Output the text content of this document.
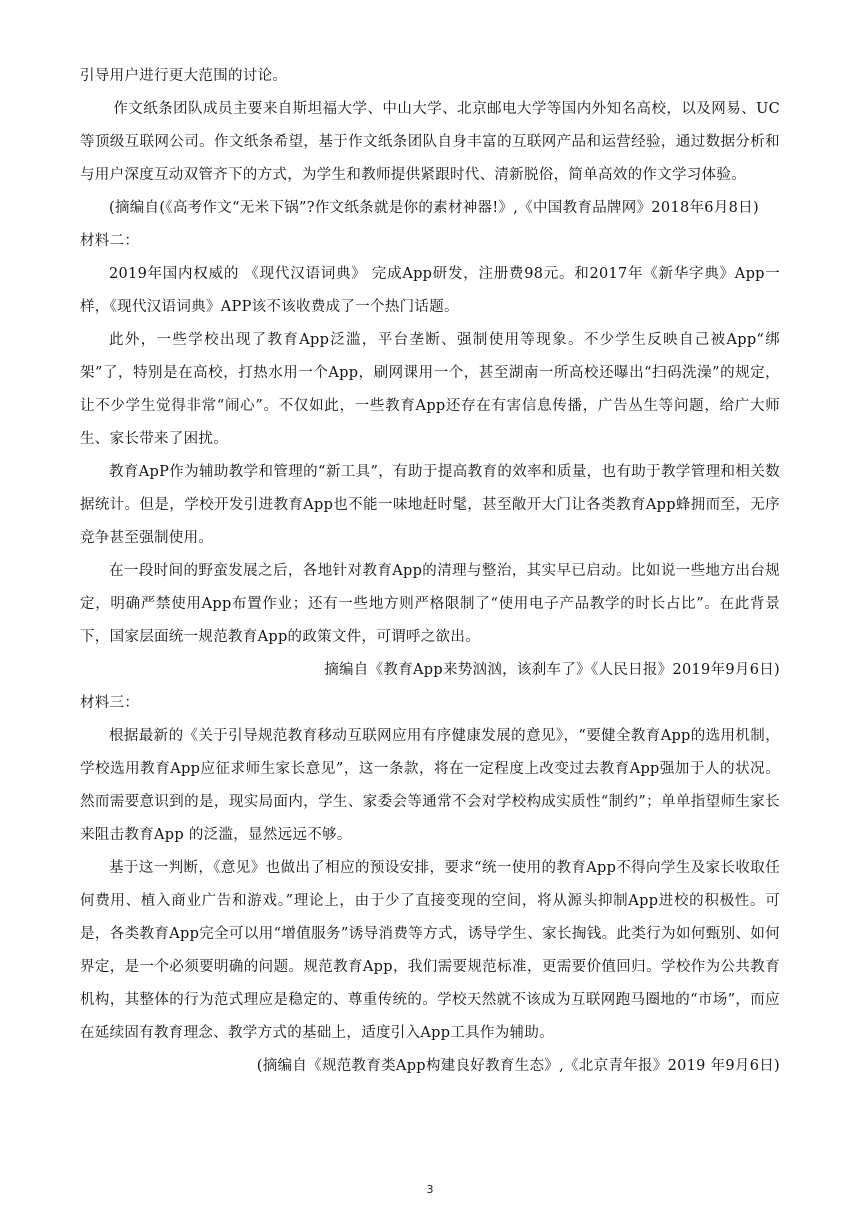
引导用户进行更大范围的讨论。

作文纸条团队成员主要来自斯坦福大学、中山大学、北京邮电大学等国内外知名高校，以及网易、UC等顶级互联网公司。作文纸条希望，基于作文纸条团队自身丰富的互联网产品和运营经验，通过数据分析和与用户深度互动双管齐下的方式，为学生和教师提供紧跟时代、清新脱俗，简单高效的作文学习体验。

(摘编自(《高考作文“无米下锅”?作文纸条就是你的素材神器!》,《中国教育品牌网》2018年6月8日)

材料二：

2019年国内权威的 《现代汉语词典》 完成App研发，注册费98元。和2017年《新华字典》App一样，《现代汉语词典》APP该不该收费成了一个热门话题。

此外，一些学校出现了教育App泛滥，平台垄断、强制使用等现象。不少学生反映自己被App“绑架”了，特别是在高校，打热水用一个App，刷网课用一个，甚至湖南一所高校还曝出“扫码洗澡”的规定，让不少学生觉得非常“闹心”。不仅如此，一些教育App还存在有害信息传播，广告丛生等问题，给广大师生、家长带来了困扰。

教育ApP作为辅助教学和管理的“新工具”，有助于提高教育的效率和质量，也有助于教学管理和相关数据统计。但是，学校开发引进教育App也不能一味地赶时髦，甚至敞开大门让各类教育App蜂拥而至，无序竞争甚至强制使用。

在一段时间的野蛮发展之后，各地针对教育App的清理与整治，其实早已启动。比如说一些地方出台规定，明确严禁使用App布置作业；还有一些地方则严格限制了“使用电子产品教学的时长占比”。在此背景下，国家层面统一规范教育App的政策文件，可谓呼之欲出。

摘编自《教育App来势汹汹，该刹车了》《人民日报》2019年9月6日)

材料三：

根据最新的《关于引导规范教育移动互联网应用有序健康发展的意见》，“要健全教育App的选用机制，学校选用教育App应征求师生家长意见”，这一条款，将在一定程度上改变过去教育App强加于人的状况。然而需要意识到的是，现实局面内，学生、家委会等通常不会对学校构成实质性“制约”；单单指望师生家长来阻击教育App 的泛滥，显然远远不够。

基于这一判断，《意见》也做出了相应的预设安排，要求“统一使用的教育App不得向学生及家长收取任何费用、植入商业广告和游戏。”理论上，由于少了直接变现的空间，将从源头抑制App进校的积极性。可是，各类教育App完全可以用“增值服务”诱导消费等方式，诱导学生、家长掏钱。此类行为如何甄别、如何界定，是一个必须要明确的问题。规范教育App，我们需要规范标准，更需要价值回归。学校作为公共教育机构，其整体的行为范式理应是稳定的、尊重传统的。学校天然就不该成为互联网跑马圈地的“市场”，而应在延续固有教育理念、教学方式的基础上，适度引入App工具作为辅助。

(摘编自《规范教育类App构建良好教育生态》,《北京青年报》2019 年9月6日)

3
